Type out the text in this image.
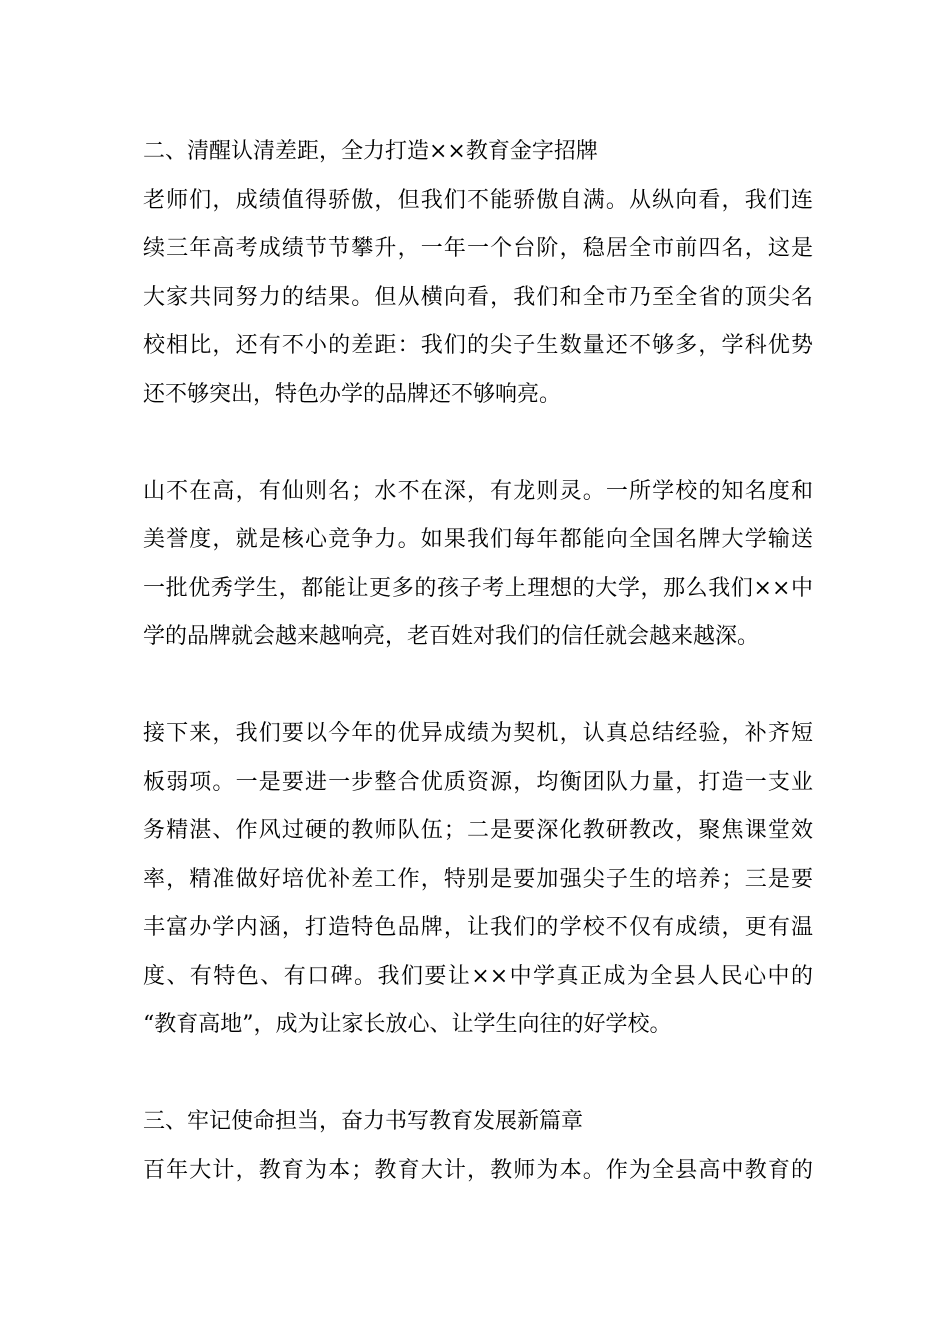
二、清醒认清差距，全力打造××教育金字招牌
老师们，成绩值得骄傲，但我们不能骄傲自满。从纵向看，我们连
续三年高考成绩节节攀升，一年一个台阶，稳居全市前四名，这是
大家共同努力的结果。但从横向看，我们和全市乃至全省的顶尖名
校相比，还有不小的差距：我们的尖子生数量还不够多，学科优势
还不够突出，特色办学的品牌还不够响亮。
山不在高，有仙则名；水不在深，有龙则灵。一所学校的知名度和
美誉度，就是核心竞争力。如果我们每年都能向全国名牌大学输送
一批优秀学生，都能让更多的孩子考上理想的大学，那么我们××中
学的品牌就会越来越响亮，老百姓对我们的信任就会越来越深。
接下来，我们要以今年的优异成绩为契机，认真总结经验，补齐短
板弱项。一是要进一步整合优质资源，均衡团队力量，打造一支业
务精湛、作风过硬的教师队伍；二是要深化教研教改，聚焦课堂效
率，精准做好培优补差工作，特别是要加强尖子生的培养；三是要
丰富办学内涵，打造特色品牌，让我们的学校不仅有成绩，更有温
度、有特色、有口碑。我们要让××中学真正成为全县人民心中的
“教育高地”，成为让家长放心、让学生向往的好学校。
三、牢记使命担当，奋力书写教育发展新篇章
百年大计，教育为本；教育大计，教师为本。作为全县高中教育的
